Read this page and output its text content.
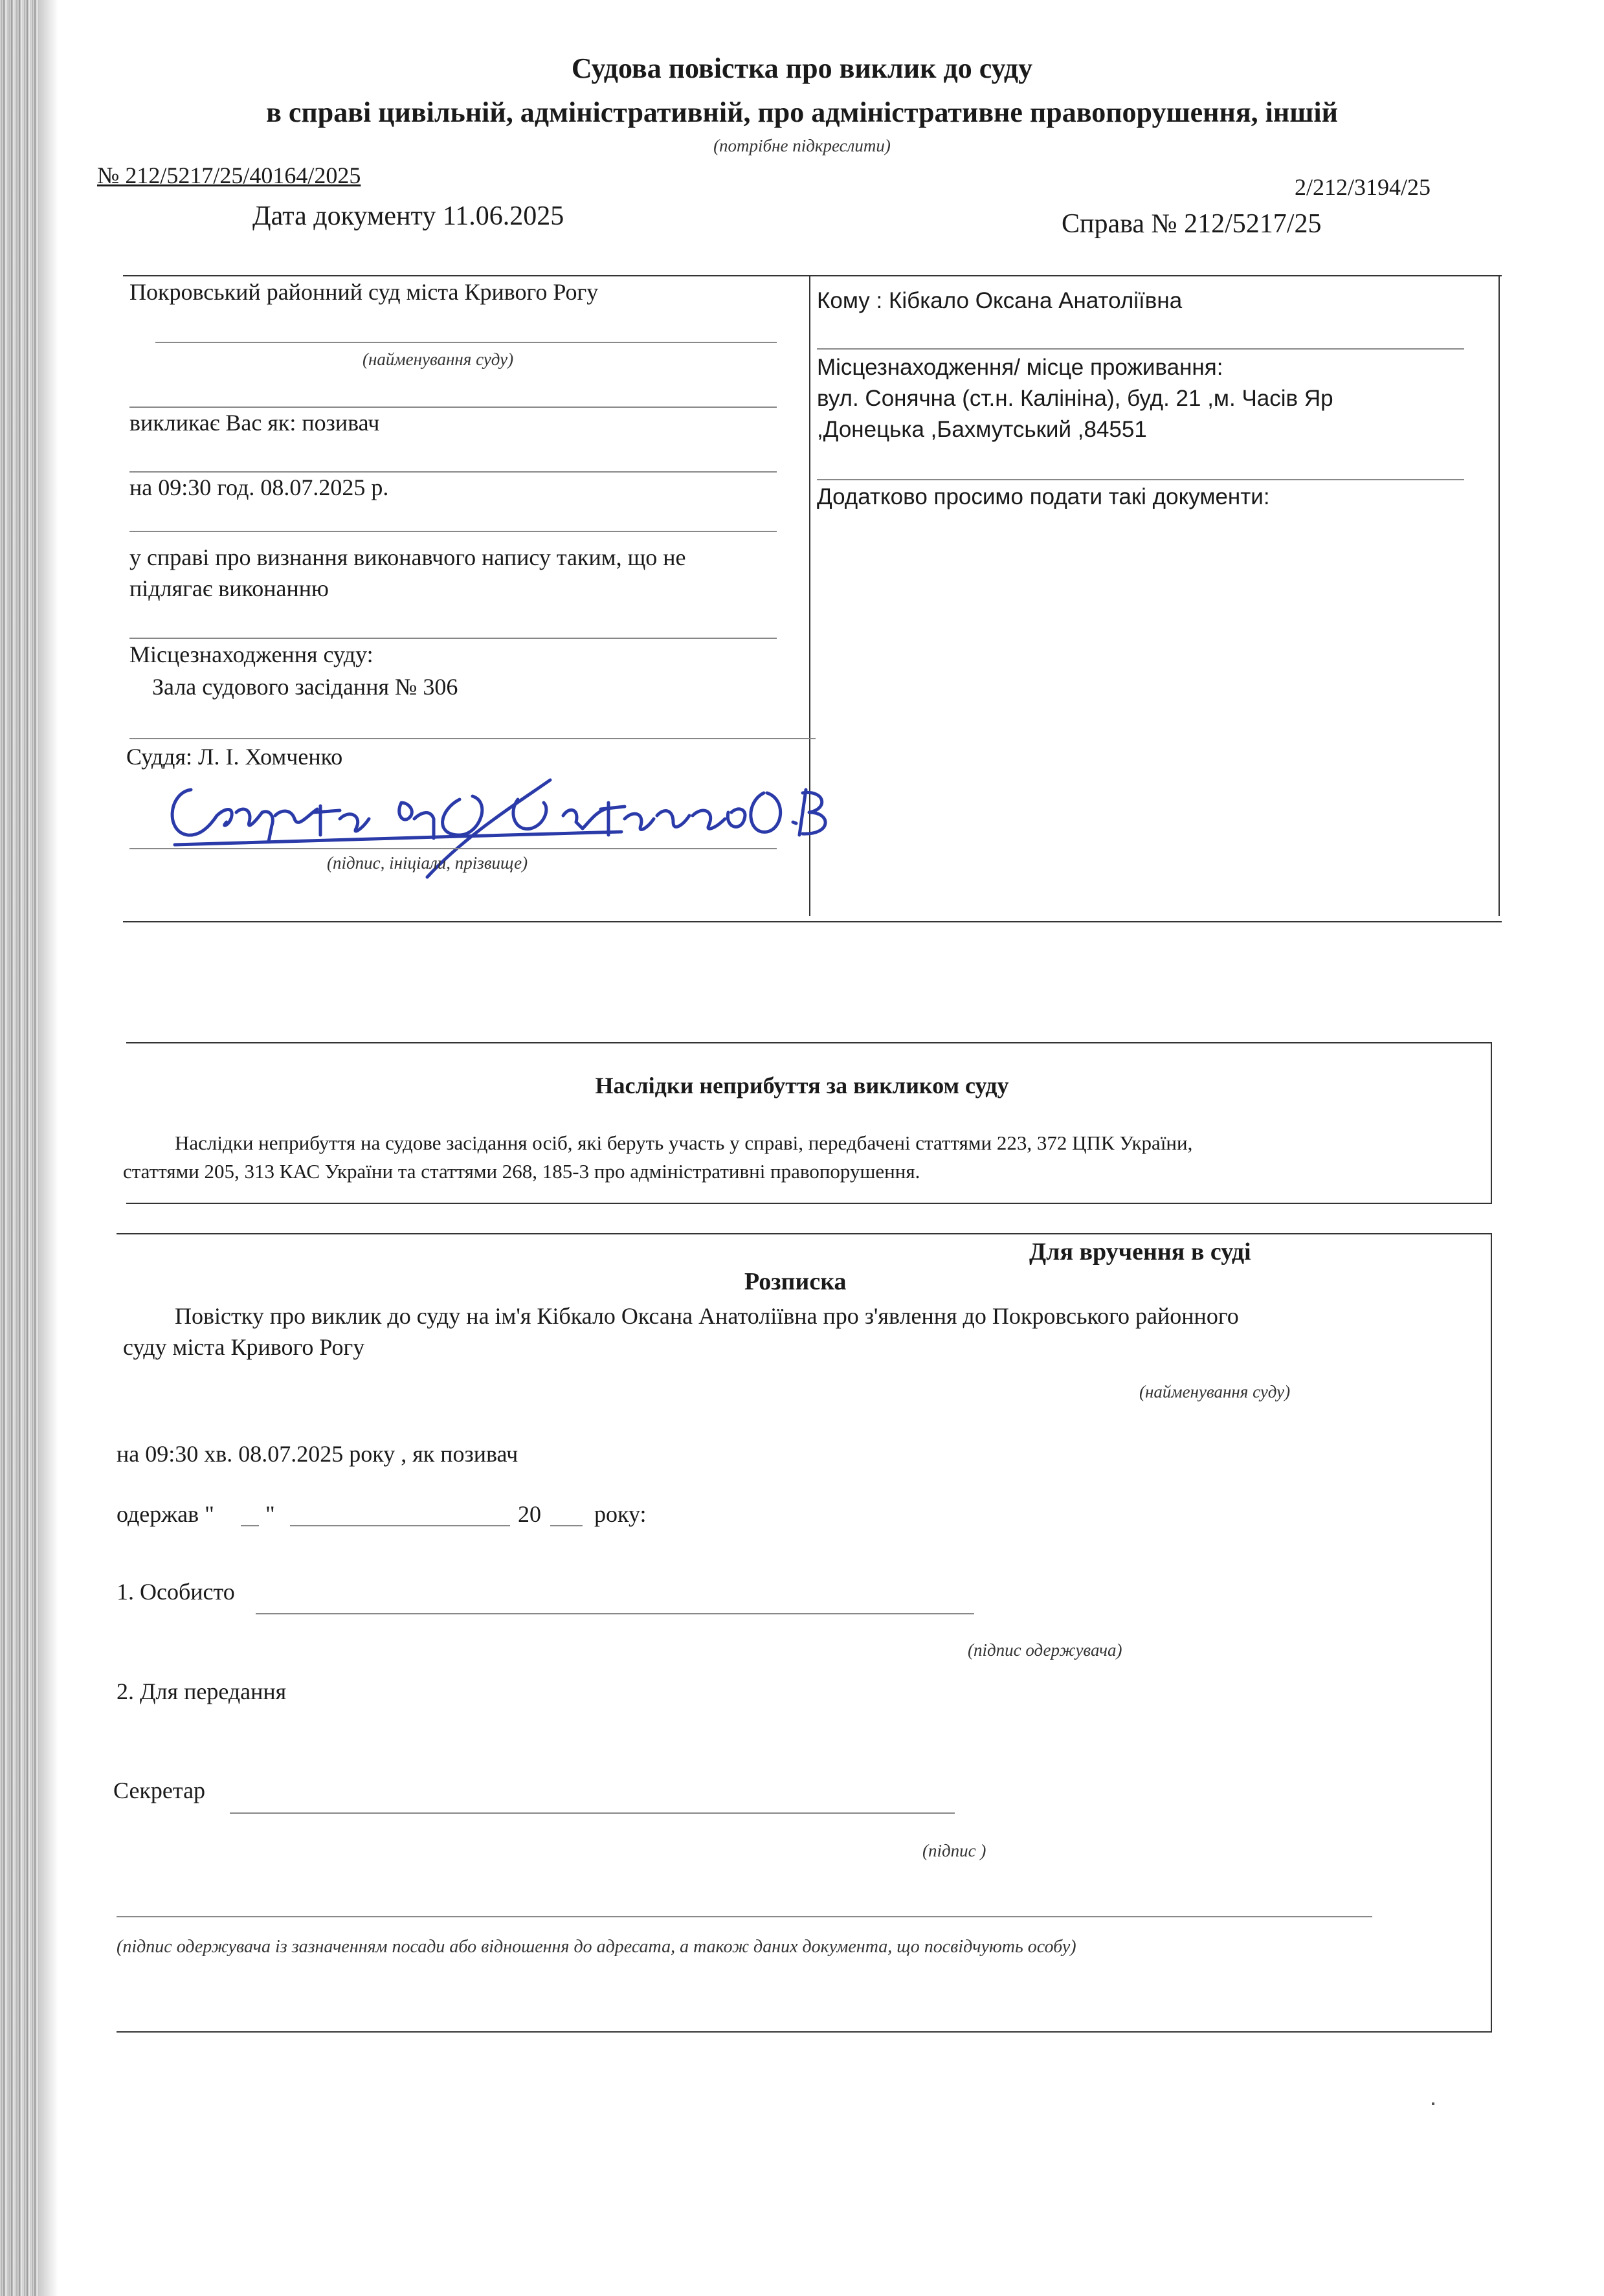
Судова повістка про виклик до суду
в справі цивільній, адміністративній, про адміністративне правопорушення, іншій
(потрібне підкреслити)
№ 212/5217/25/40164/2025	2/212/3194/25
Дата документу 11.06.2025	Справа № 212/5217/25
Покровський районний суд міста Кривого Рогу
(найменування суду)
викликає Вас як: позивач
на 09:30 год. 08.07.2025 р.
у справі про визнання виконавчого напису таким, що не
підлягає виконанню
Місцезнаходження суду:
Зала судового засідання № 306
Суддя: Л. І. Хомченко
(підпис, ініціали, прізвище)
Кому : Кібкало Оксана Анатоліївна
Місцезнаходження/ місце проживання:
вул. Сонячна (ст.н. Калініна), буд. 21 ,м. Часів Яр
,Донецька ,Бахмутський ,84551
Додатково просимо подати такі документи:
Наслідки неприбуття за викликом суду
Наслідки неприбуття на судове засідання осіб, які беруть участь у справі, передбачені статтями 223, 372 ЦПК України,
статтями 205, 313 КАС України та статтями 268, 185-3 про адміністративні правопорушення.
Для вручення в суді
Розписка
Повістку про виклик до суду на ім'я Кібкало Оксана Анатоліївна про з'явлення до Покровського районного
суду міста Кривого Рогу
(найменування суду)
на 09:30 хв. 08.07.2025 року , як позивач
одержав " "	20 року:
1. Особисто
(підпис одержувача)
2. Для передання
Секретар
(підпис )
(підпис одержувача із зазначенням посади або відношення до адресата, а також даних документа, що посвідчують особу)
